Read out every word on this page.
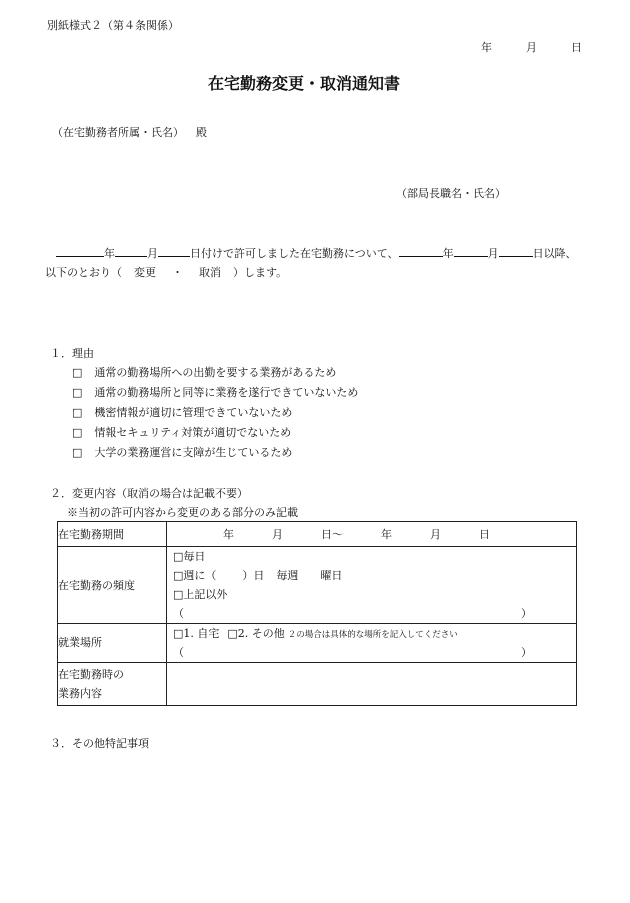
別紙様式２（第４条関係）
年	月	日
在宅勤務変更・取消通知書
（在宅勤務者所属・氏名） 殿
（部局長職名・氏名）
年	月	日付けで許可しました在宅勤務について、	年	月	日以降、
以下のとおり（ 変更 ・ 取消 ）します。
１．理由
□ 通常の勤務場所への出勤を要する業務があるため
□ 通常の勤務場所と同等に業務を遂行できていないため
□ 機密情報が適切に管理できていないため
□ 情報セキュリティ対策が適切でないため
□ 大学の業務運営に支障が生じているため
２．変更内容（取消の場合は記載不要）
※当初の許可内容から変更のある部分のみ記載
在宅勤務期間	年 月 日～ 年 月 日

在宅勤務の頻度	□毎日
□週に（ ）日 毎週 曜日
□上記以外
（ ）

就業場所	□1. 自宅 □2. その他 ２の場合は具体的な場所を記入してください
（ ）

在宅勤務時の
業務内容	

３．その他特記事項
